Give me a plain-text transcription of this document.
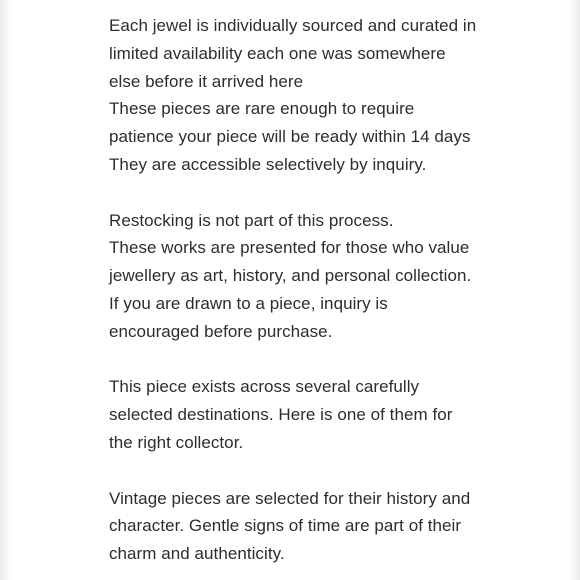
Each jewel is individually sourced and curated in
limited availability each one was somewhere
else before it arrived here
These pieces are rare enough to require
patience your piece will be ready within 14 days
They are accessible selectively by inquiry.

Restocking is not part of this process.
These works are presented for those who value
jewellery as art, history, and personal collection.
If you are drawn to a piece, inquiry is
encouraged before purchase.

This piece exists across several carefully
selected destinations. Here is one of them for
the right collector.

Vintage pieces are selected for their history and
character. Gentle signs of time are part of their
charm and authenticity.
